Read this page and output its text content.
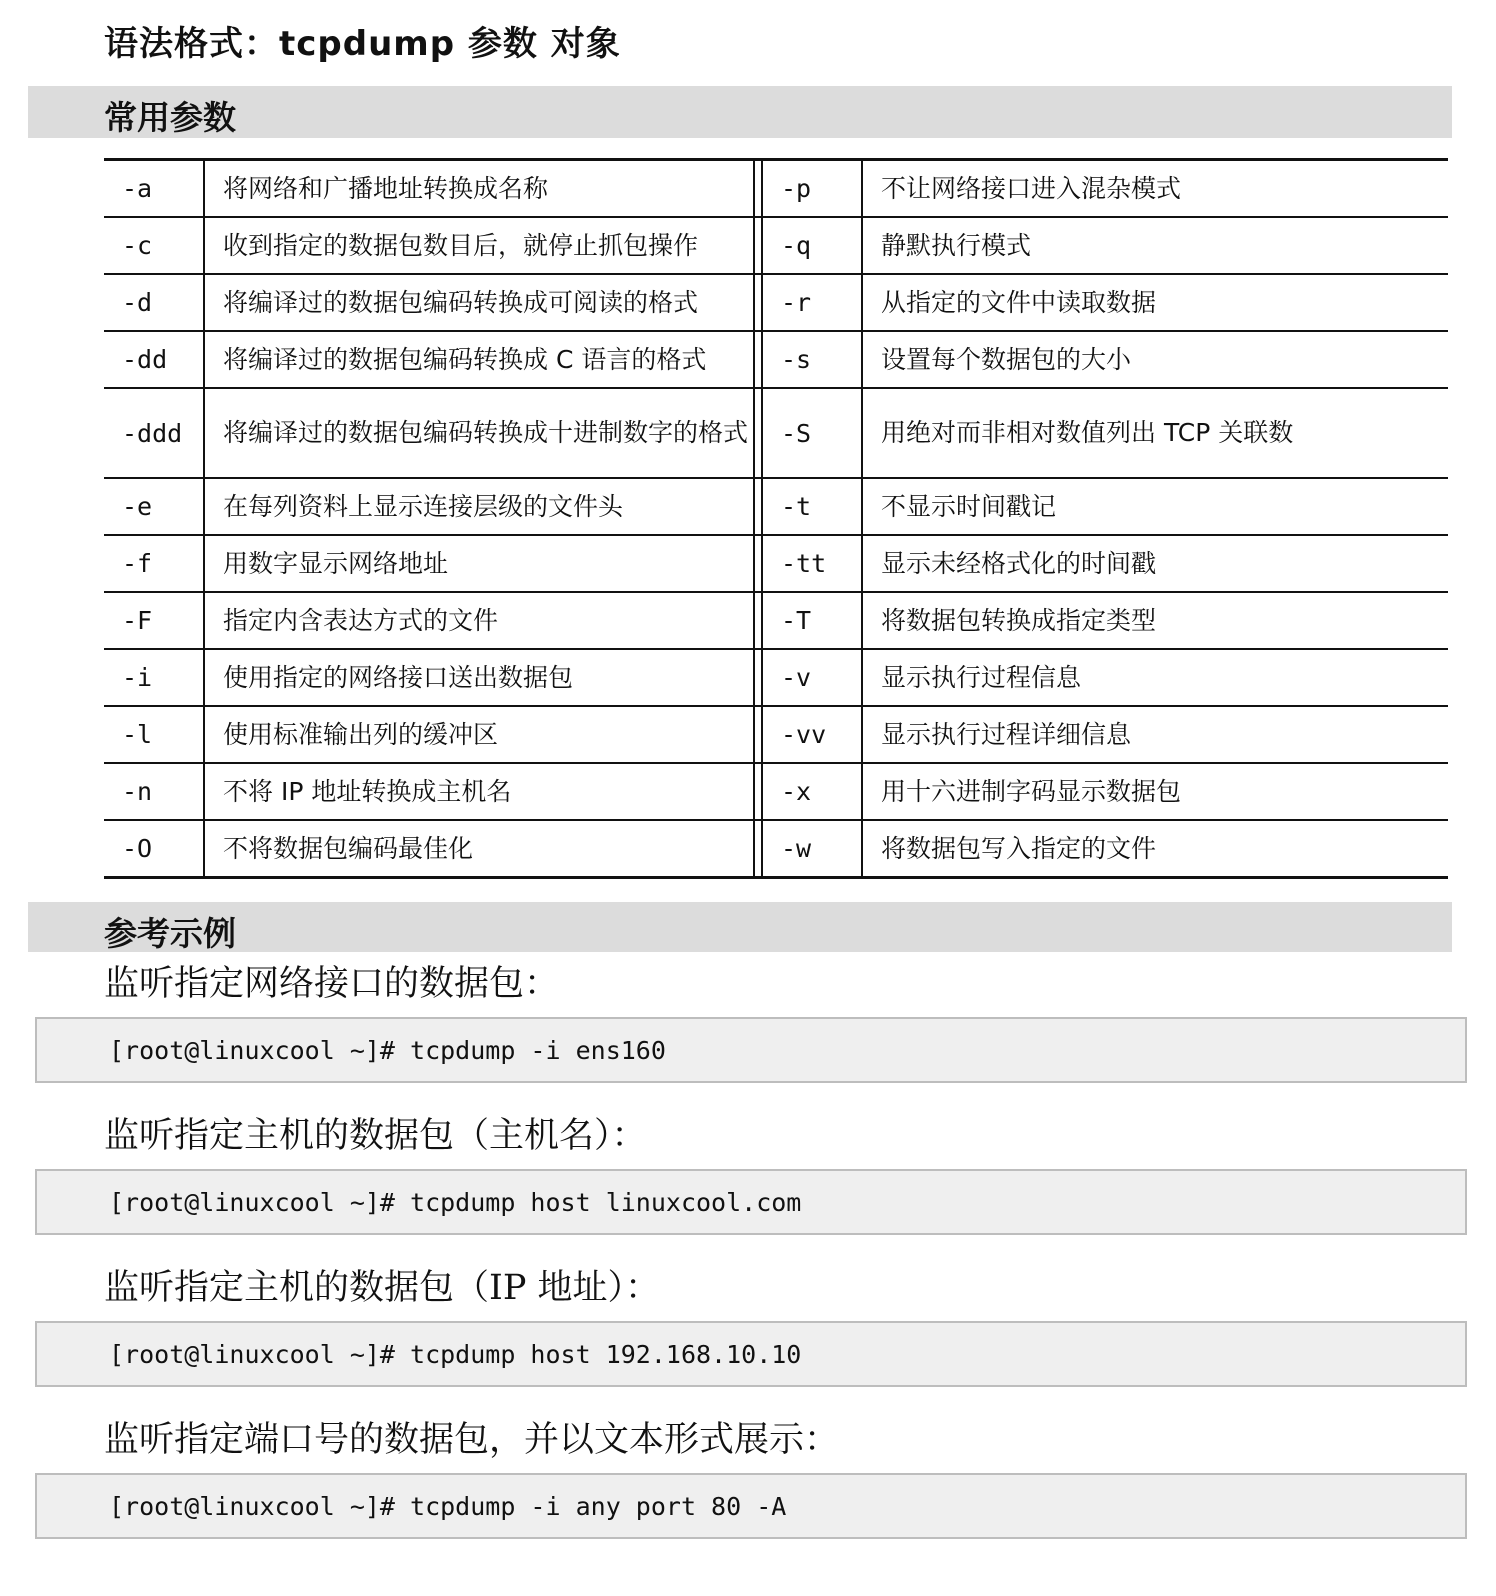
语法格式：tcpdump 参数 对象
常用参数
-a	将网络和广播地址转换成名称		-p	不让网络接口进入混杂模式
-c	收到指定的数据包数目后，就停止抓包操作		-q	静默执行模式
-d	将编译过的数据包编码转换成可阅读的格式		-r	从指定的文件中读取数据
-dd	将编译过的数据包编码转换成 C 语言的格式		-s	设置每个数据包的大小
-ddd	将编译过的数据包编码转换成十进制数字的格式		-S	用绝对而非相对数值列出 TCP 关联数
-e	在每列资料上显示连接层级的文件头		-t	不显示时间戳记
-f	用数字显示网络地址		-tt	显示未经格式化的时间戳
-F	指定内含表达方式的文件		-T	将数据包转换成指定类型
-i	使用指定的网络接口送出数据包		-v	显示执行过程信息
-l	使用标准输出列的缓冲区		-vv	显示执行过程详细信息
-n	不将 IP 地址转换成主机名		-x	用十六进制字码显示数据包
-O	不将数据包编码最佳化		-w	将数据包写入指定的文件
参考示例
监听指定网络接口的数据包：
[root@linuxcool ~]# tcpdump -i ens160
监听指定主机的数据包（主机名）：
[root@linuxcool ~]# tcpdump host linuxcool.com
监听指定主机的数据包（IP 地址）：
[root@linuxcool ~]# tcpdump host 192.168.10.10
监听指定端口号的数据包，并以文本形式展示：
[root@linuxcool ~]# tcpdump -i any port 80 -A
